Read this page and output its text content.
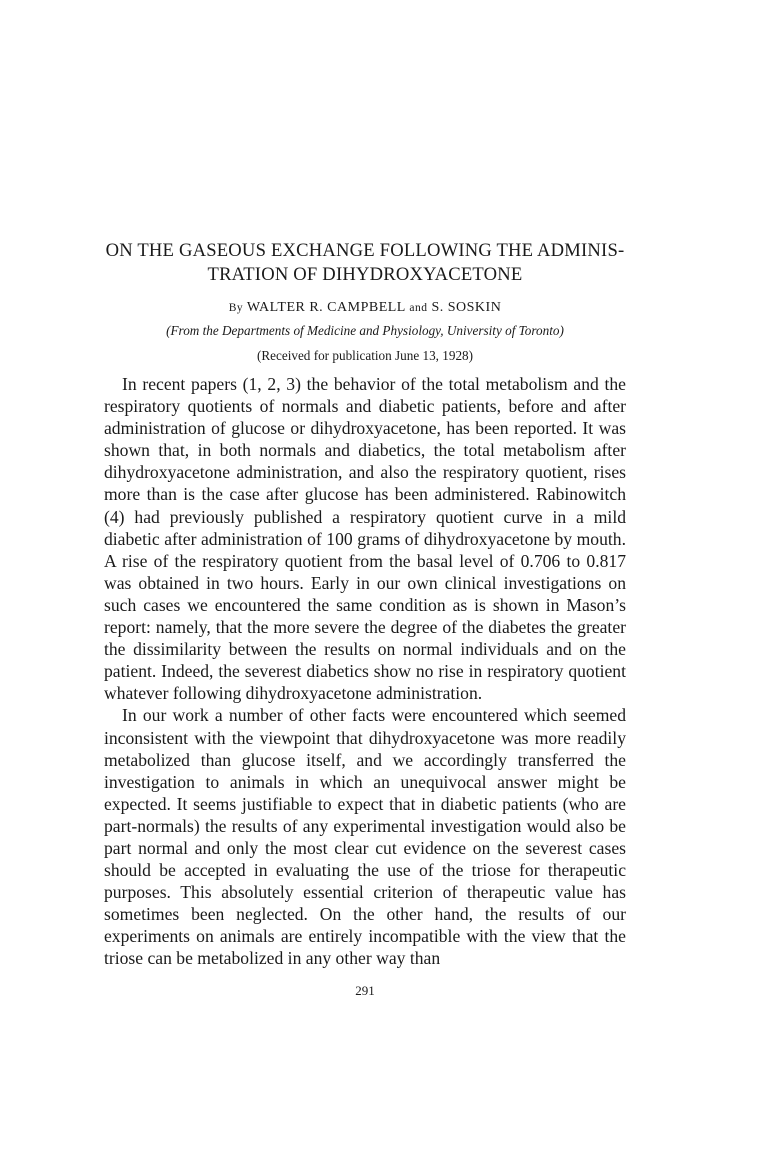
ON THE GASEOUS EXCHANGE FOLLOWING THE ADMINIS-
TRATION OF DIHYDROXYACETONE
By WALTER R. CAMPBELL and S. SOSKIN
(From the Departments of Medicine and Physiology, University of Toronto)
(Received for publication June 13, 1928)

In recent papers (1, 2, 3) the behavior of the total metabolism and the respiratory quotients of normals and diabetic patients, before and after administration of glucose or dihydroxyacetone, has been reported. It was shown that, in both normals and diabetics, the total metabolism after dihydroxyacetone administration, and also the respiratory quotient, rises more than is the case after glucose has been administered. Rabinowitch (4) had previously published a respiratory quotient curve in a mild diabetic after administration of 100 grams of dihydroxyacetone by mouth. A rise of the respiratory quotient from the basal level of 0.706 to 0.817 was obtained in two hours. Early in our own clinical investigations on such cases we encountered the same condition as is shown in Mason’s report: namely, that the more severe the degree of the diabetes the greater the dissimilarity between the results on normal individuals and on the patient. Indeed, the severest diabetics show no rise in respiratory quotient whatever following dihydroxyacetone administration.

In our work a number of other facts were encountered which seemed inconsistent with the viewpoint that dihydroxyacetone was more readily metabolized than glucose itself, and we accordingly transferred the investigation to animals in which an unequivocal answer might be expected. It seems justifiable to expect that in diabetic patients (who are part-normals) the results of any experimental investigation would also be part normal and only the most clear cut evidence on the severest cases should be accepted in evaluating the use of the triose for therapeutic purposes. This absolutely essential criterion of therapeutic value has sometimes been neglected. On the other hand, the results of our experiments on animals are entirely incompatible with the view that the triose can be metabolized in any other way than

291
